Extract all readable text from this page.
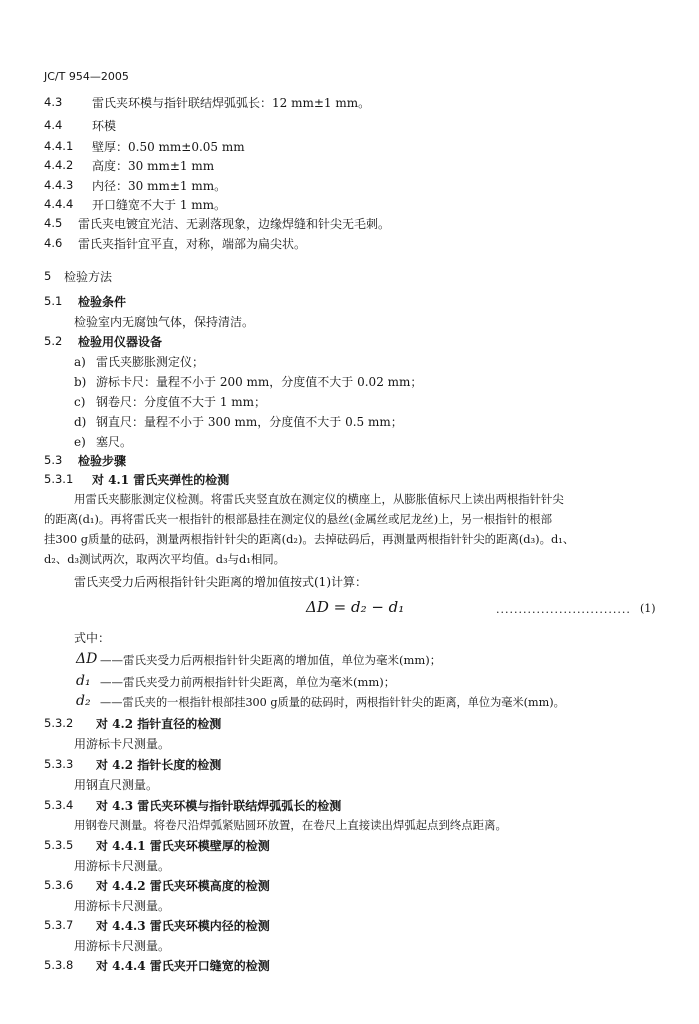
JC/T 954—2005
4.3 雷氏夹环模与指针联结焊弧弧长：12 mm±1 mm。
4.4 环模
4.4.1 壁厚：0.50 mm±0.05 mm
4.4.2 高度：30 mm±1 mm
4.4.3 内径：30 mm±1 mm。
4.4.4 开口缝宽不大于 1 mm。
4.5 雷氏夹电镀宜光洁、无剥落现象，边缘焊缝和针尖无毛刺。
4.6 雷氏夹指针宜平直，对称，端部为扁尖状。
5 检验方法
5.1 检验条件
检验室内无腐蚀气体，保持清洁。
5.2 检验用仪器设备
a) 雷氏夹膨胀测定仪；
b) 游标卡尺：量程不小于 200 mm，分度值不大于 0.02 mm；
c) 钢卷尺：分度值不大于 1 mm；
d) 钢直尺：量程不小于 300 mm，分度值不大于 0.5 mm；
e) 塞尺。
5.3 检验步骤
5.3.1 对 4.1 雷氏夹弹性的检测
用雷氏夹膨胀测定仪检测。将雷氏夹竖直放在测定仪的横座上，从膨胀值标尺上读出两根指针针尖
的距离(d₁)。再将雷氏夹一根指针的根部悬挂在测定仪的悬丝(金属丝或尼龙丝)上，另一根指针的根部
挂300 g质量的砝码，测量两根指针针尖的距离(d₂)。去掉砝码后，再测量两根指针针尖的距离(d₃)。d₁、
d₂、d₃测试两次，取两次平均值。d₃与d₁相同。
雷氏夹受力后两根指针针尖距离的增加值按式(1)计算：
ΔD = d₂ − d₁	.............................. (1)
式中：
ΔD ——雷氏夹受力后两根指针针尖距离的增加值，单位为毫米(mm)；
d₁ ——雷氏夹受力前两根指针针尖距离，单位为毫米(mm)；
d₂ ——雷氏夹的一根指针根部挂300 g质量的砝码时，两根指针针尖的距离，单位为毫米(mm)。
5.3.2 对 4.2 指针直径的检测
用游标卡尺测量。
5.3.3 对 4.2 指针长度的检测
用钢直尺测量。
5.3.4 对 4.3 雷氏夹环模与指针联结焊弧弧长的检测
用钢卷尺测量。将卷尺沿焊弧紧贴圆环放置，在卷尺上直接读出焊弧起点到终点距离。
5.3.5 对 4.4.1 雷氏夹环模壁厚的检测
用游标卡尺测量。
5.3.6 对 4.4.2 雷氏夹环模高度的检测
用游标卡尺测量。
5.3.7 对 4.4.3 雷氏夹环模内径的检测
用游标卡尺测量。
5.3.8 对 4.4.4 雷氏夹开口缝宽的检测
